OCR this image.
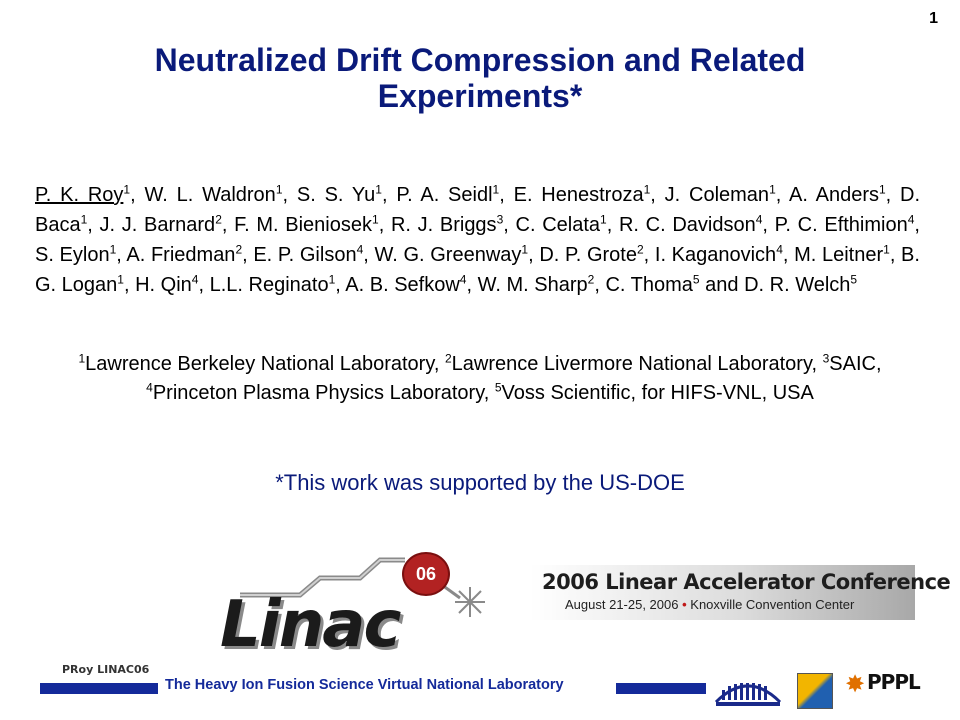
1
Neutralized Drift Compression and Related
Experiments*
P. K. Roy$^1$, W. L. Waldron$^1$, S. S. Yu$^1$, P. A. Seidl$^1$, E. Henestroza$^1$, J. Coleman$^1$, A. Anders$^1$, D. Baca$^1$, J. J. Barnard$^2$, F. M. Bieniosek$^1$, R. J. Briggs$^3$, C. Celata$^1$, R. C. Davidson$^4$, P. C. Efthimion$^4$, S. Eylon$^1$, A. Friedman$^2$, E. P. Gilson$^4$, W. G. Greenway$^1$, D. P. Grote$^2$, I. Kaganovich$^4$, M. Leitner$^1$, B. G. Logan$^1$, H. Qin$^4$, L.L. Reginato$^1$, A. B. Sefkow$^4$, W. M. Sharp$^2$, C. Thoma$^5$ and D. R. Welch$^5$
$^1$Lawrence Berkeley National Laboratory, $^2$Lawrence Livermore National Laboratory, $^3$SAIC, $^4$Princeton Plasma Physics Laboratory, $^5$Voss Scientific, for HIFS-VNL, USA
*This work was supported by the US-DOE
06
Linac
2006 Linear Accelerator Conference
August 21-25, 2006 • Knoxville Convention Center
PRoy LINAC06
The Heavy Ion Fusion Science Virtual National Laboratory	✸ PPPL
